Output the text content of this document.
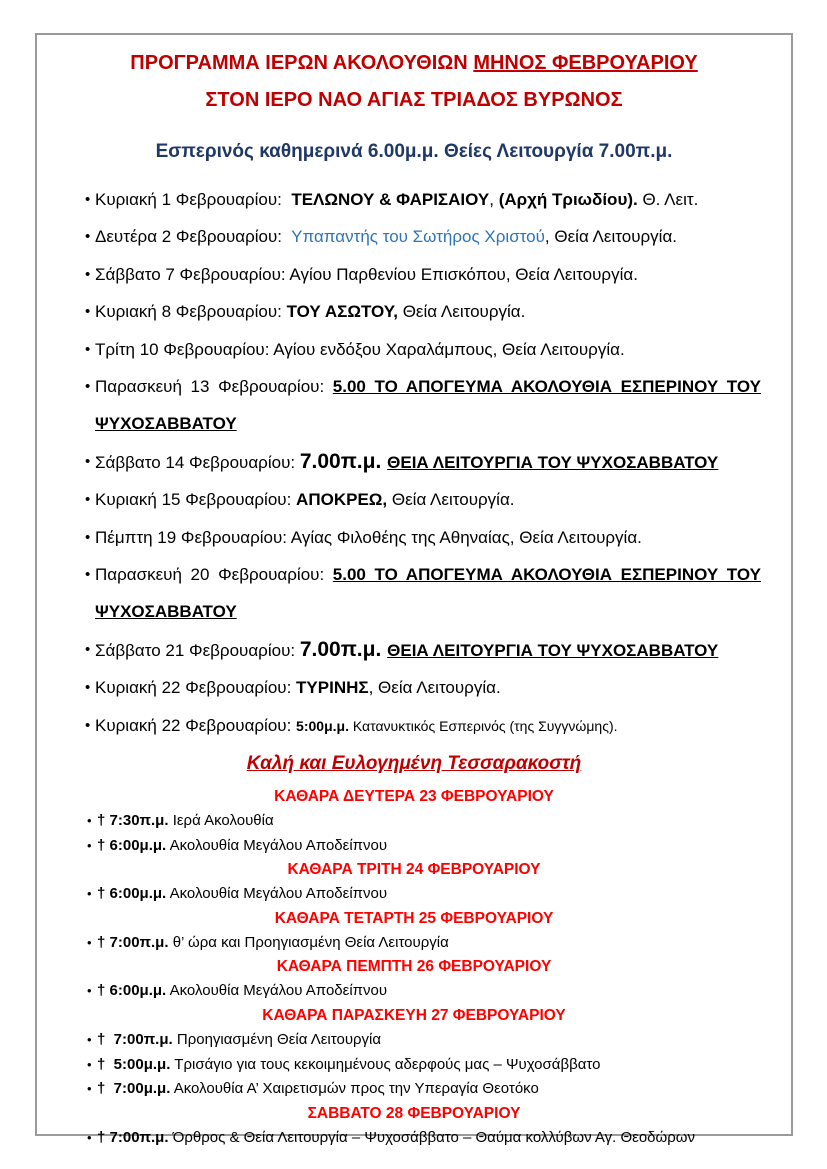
ΠΡΟΓΡΑΜΜΑ ΙΕΡΩΝ ΑΚΟΛΟΥΘΙΩΝ ΜΗΝΟΣ ΦΕΒΡΟΥΑΡΙΟΥ
ΣΤΟΝ ΙΕΡΟ ΝΑΟ ΑΓΙΑΣ ΤΡΙΑΔΟΣ ΒΥΡΩΝΟΣ
Εσπερινός καθημερινά 6.00μ.μ. Θείες Λειτουργία 7.00π.μ.
• Κυριακή 1 Φεβρουαρίου:  ΤΕΛΩΝΟΥ & ΦΑΡΙΣΑΙΟΥ, (Αρχή Τριωδίου). Θ. Λειτ.
• Δευτέρα 2 Φεβρουαρίου:  Υπαπαντής του Σωτήρος Χριστού, Θεία Λειτουργία.
• Σάββατο 7 Φεβρουαρίου: Αγίου Παρθενίου Επισκόπου, Θεία Λειτουργία.
• Κυριακή 8 Φεβρουαρίου: ΤΟΥ ΑΣΩΤΟΥ, Θεία Λειτουργία.
• Τρίτη 10 Φεβρουαρίου: Αγίου ενδόξου Χαραλάμπους, Θεία Λειτουργία.
• Παρασκευή 13 Φεβρουαρίου: 5.00 ΤΟ ΑΠΟΓΕΥΜΑ ΑΚΟΛΟΥΘΙΑ ΕΣΠΕΡΙΝΟΥ ΤΟΥ ΨΥΧΟΣΑΒΒΑΤΟΥ
• Σάββατο 14 Φεβρουαρίου: 7.00π.μ. ΘΕΙΑ ΛΕΙΤΟΥΡΓΙΑ ΤΟΥ ΨΥΧΟΣΑΒΒΑΤΟΥ
• Κυριακή 15 Φεβρουαρίου: ΑΠΟΚΡΕΩ, Θεία Λειτουργία.
• Πέμπτη 19 Φεβρουαρίου: Αγίας Φιλοθέης της Αθηναίας, Θεία Λειτουργία.
• Παρασκευή 20 Φεβρουαρίου: 5.00 ΤΟ ΑΠΟΓΕΥΜΑ ΑΚΟΛΟΥΘΙΑ ΕΣΠΕΡΙΝΟΥ ΤΟΥ ΨΥΧΟΣΑΒΒΑΤΟΥ
• Σάββατο 21 Φεβρουαρίου: 7.00π.μ. ΘΕΙΑ ΛΕΙΤΟΥΡΓΙΑ ΤΟΥ ΨΥΧΟΣΑΒΒΑΤΟΥ
• Κυριακή 22 Φεβρουαρίου: ΤΥΡΙΝΗΣ, Θεία Λειτουργία.
• Κυριακή 22 Φεβρουαρίου: 5:00μ.μ. Κατανυκτικός Εσπερινός (της Συγγνώμης).
Καλή και Ευλογημένη Τεσσαρακοστή
ΚΑΘΑΡΑ ΔΕΥΤΕΡΑ 23 ΦΕΒΡΟΥΑΡΙΟΥ
• † 7:30π.μ. Ιερά Ακολουθία
• † 6:00μ.μ. Ακολουθία Μεγάλου Αποδείπνου
ΚΑΘΑΡΑ ΤΡΙΤΗ 24 ΦΕΒΡΟΥΑΡΙΟΥ
• † 6:00μ.μ. Ακολουθία Μεγάλου Αποδείπνου
ΚΑΘΑΡΑ ΤΕΤΑΡΤΗ 25 ΦΕΒΡΟΥΑΡΙΟΥ
• † 7:00π.μ. θ’ ώρα και Προηγιασμένη Θεία Λειτουργία
ΚΑΘΑΡΑ ΠΕΜΠΤΗ 26 ΦΕΒΡΟΥΑΡΙΟΥ
• † 6:00μ.μ. Ακολουθία Μεγάλου Αποδείπνου
ΚΑΘΑΡΑ ΠΑΡΑΣΚΕΥΗ 27 ΦΕΒΡΟΥΑΡΙΟΥ
• †  7:00π.μ. Προηγιασμένη Θεία Λειτουργία
• †  5:00μ.μ. Τρισάγιο για τους κεκοιμημένους αδερφούς μας – Ψυχοσάββατο
• †  7:00μ.μ. Ακολουθία Α’ Χαιρετισμών προς την Υπεραγία Θεοτόκο
ΣΑΒΒΑΤΟ 28 ΦΕΒΡΟΥΑΡΙΟΥ
• † 7:00π.μ. Όρθρος & Θεία Λειτουργία – Ψυχοσάββατο – Θαύμα κολλύβων Αγ. Θεοδώρων
